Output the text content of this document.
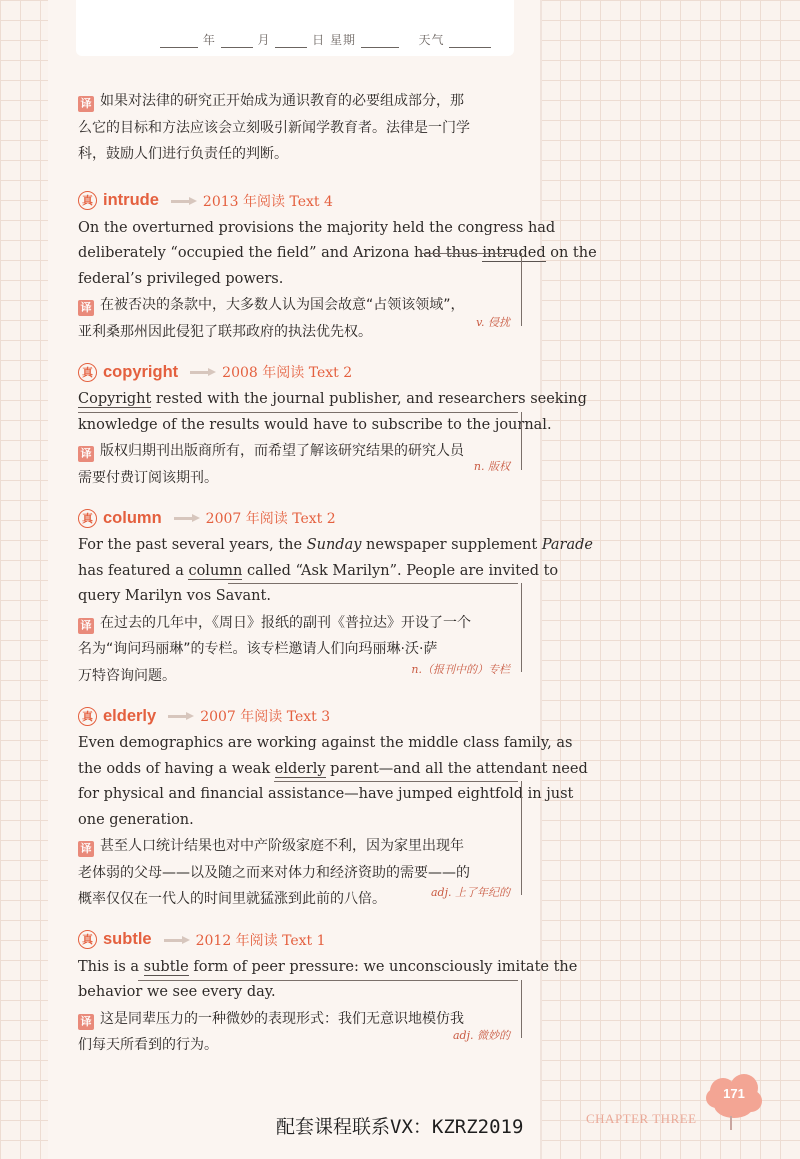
年	月	日 星期	天气
译 如果对法律的研究正开始成为通识教育的必要组成部分，那
么它的目标和方法应该会立刻吸引新闻学教育者。法律是一门学
科，鼓励人们进行负责任的判断。
真 intrude	2013 年阅读 Text 4
On the overturned provisions the majority held the congress had
deliberately “occupied the field” and Arizona had thus intruded on the
federal’s privileged powers.
译 在被否决的条款中，大多数人认为国会故意“占领该领域”，
亚利桑那州因此侵犯了联邦政府的执法优先权。
v. 侵扰
真 copyright	2008 年阅读 Text 2
Copyright rested with the journal publisher, and researchers seeking
knowledge of the results would have to subscribe to the journal.
译 版权归期刊出版商所有，而希望了解该研究结果的研究人员
需要付费订阅该期刊。
n. 版权
真 column	2007 年阅读 Text 2
For the past several years, the Sunday newspaper supplement Parade
has featured a column called “Ask Marilyn”. People are invited to
query Marilyn vos Savant.
译 在过去的几年中，《周日》报纸的副刊《普拉达》开设了一个
名为“询问玛丽琳”的专栏。该专栏邀请人们向玛丽琳·沃·萨
万特咨询问题。	n.（报刊中的）专栏
真 elderly	2007 年阅读 Text 3
Even demographics are working against the middle class family, as
the odds of having a weak elderly parent—and all the attendant need
for physical and financial assistance—have jumped eightfold in just
one generation.
译 甚至人口统计结果也对中产阶级家庭不利，因为家里出现年
老体弱的父母——以及随之而来对体力和经济资助的需要——的
概率仅仅在一代人的时间里就猛涨到此前的八倍。	adj. 上了年纪的
真 subtle	2012 年阅读 Text 1
This is a subtle form of peer pressure: we unconsciously imitate the
behavior we see every day.
译 这是同辈压力的一种微妙的表现形式：我们无意识地模仿我
们每天所看到的行为。
adj. 微妙的
171
CHAPTER THREE
配套课程联系VX：KZRZ2019
